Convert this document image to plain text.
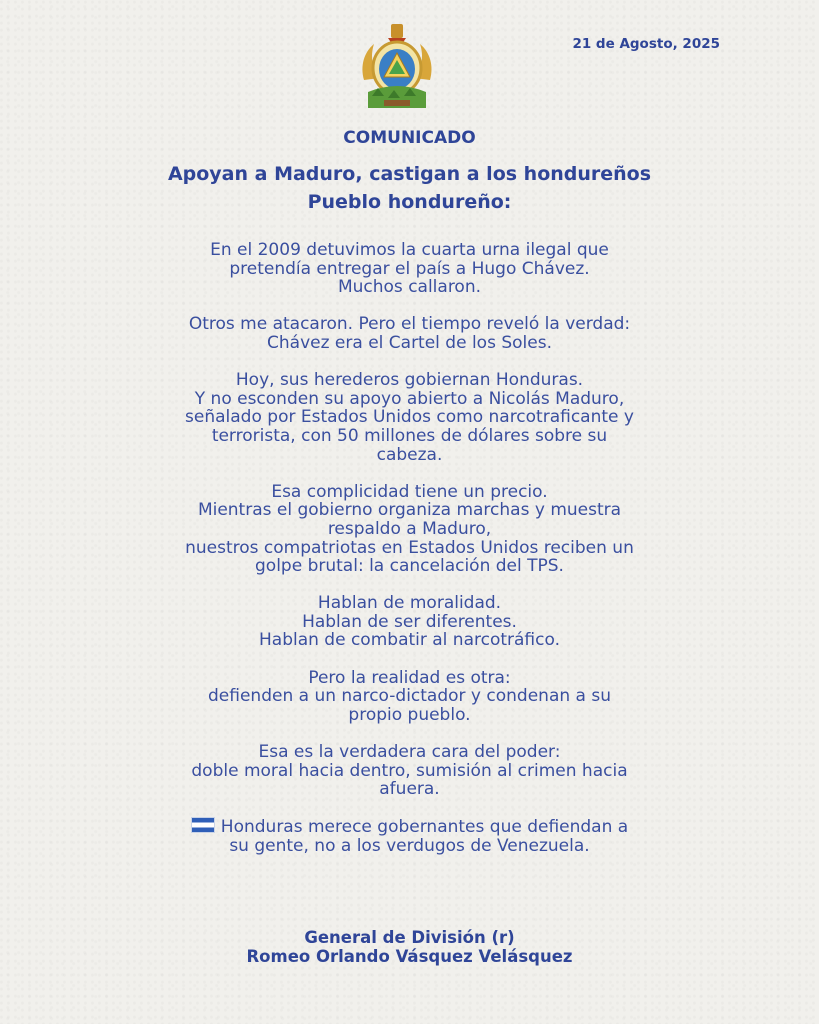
21 de Agosto, 2025
COMUNICADO
Apoyan a Maduro, castigan a los hondureños
Pueblo hondureño:
En el 2009 detuvimos la cuarta urna ilegal que
pretendía entregar el país a Hugo Chávez.
Muchos callaron.
Otros me atacaron. Pero el tiempo reveló la verdad:
Chávez era el Cartel de los Soles.
Hoy, sus herederos gobiernan Honduras.
Y no esconden su apoyo abierto a Nicolás Maduro,
señalado por Estados Unidos como narcotraficante y
terrorista, con 50 millones de dólares sobre su
cabeza.
Esa complicidad tiene un precio.
Mientras el gobierno organiza marchas y muestra
respaldo a Maduro,
nuestros compatriotas en Estados Unidos reciben un
golpe brutal: la cancelación del TPS.
Hablan de moralidad.
Hablan de ser diferentes.
Hablan de combatir al narcotráfico.
Pero la realidad es otra:
defienden a un narco-dictador y condenan a su
propio pueblo.
Esa es la verdadera cara del poder:
doble moral hacia dentro, sumisión al crimen hacia
afuera.
Honduras merece gobernantes que defiendan a
su gente, no a los verdugos de Venezuela.
General de División (r)
Romeo Orlando Vásquez Velásquez
